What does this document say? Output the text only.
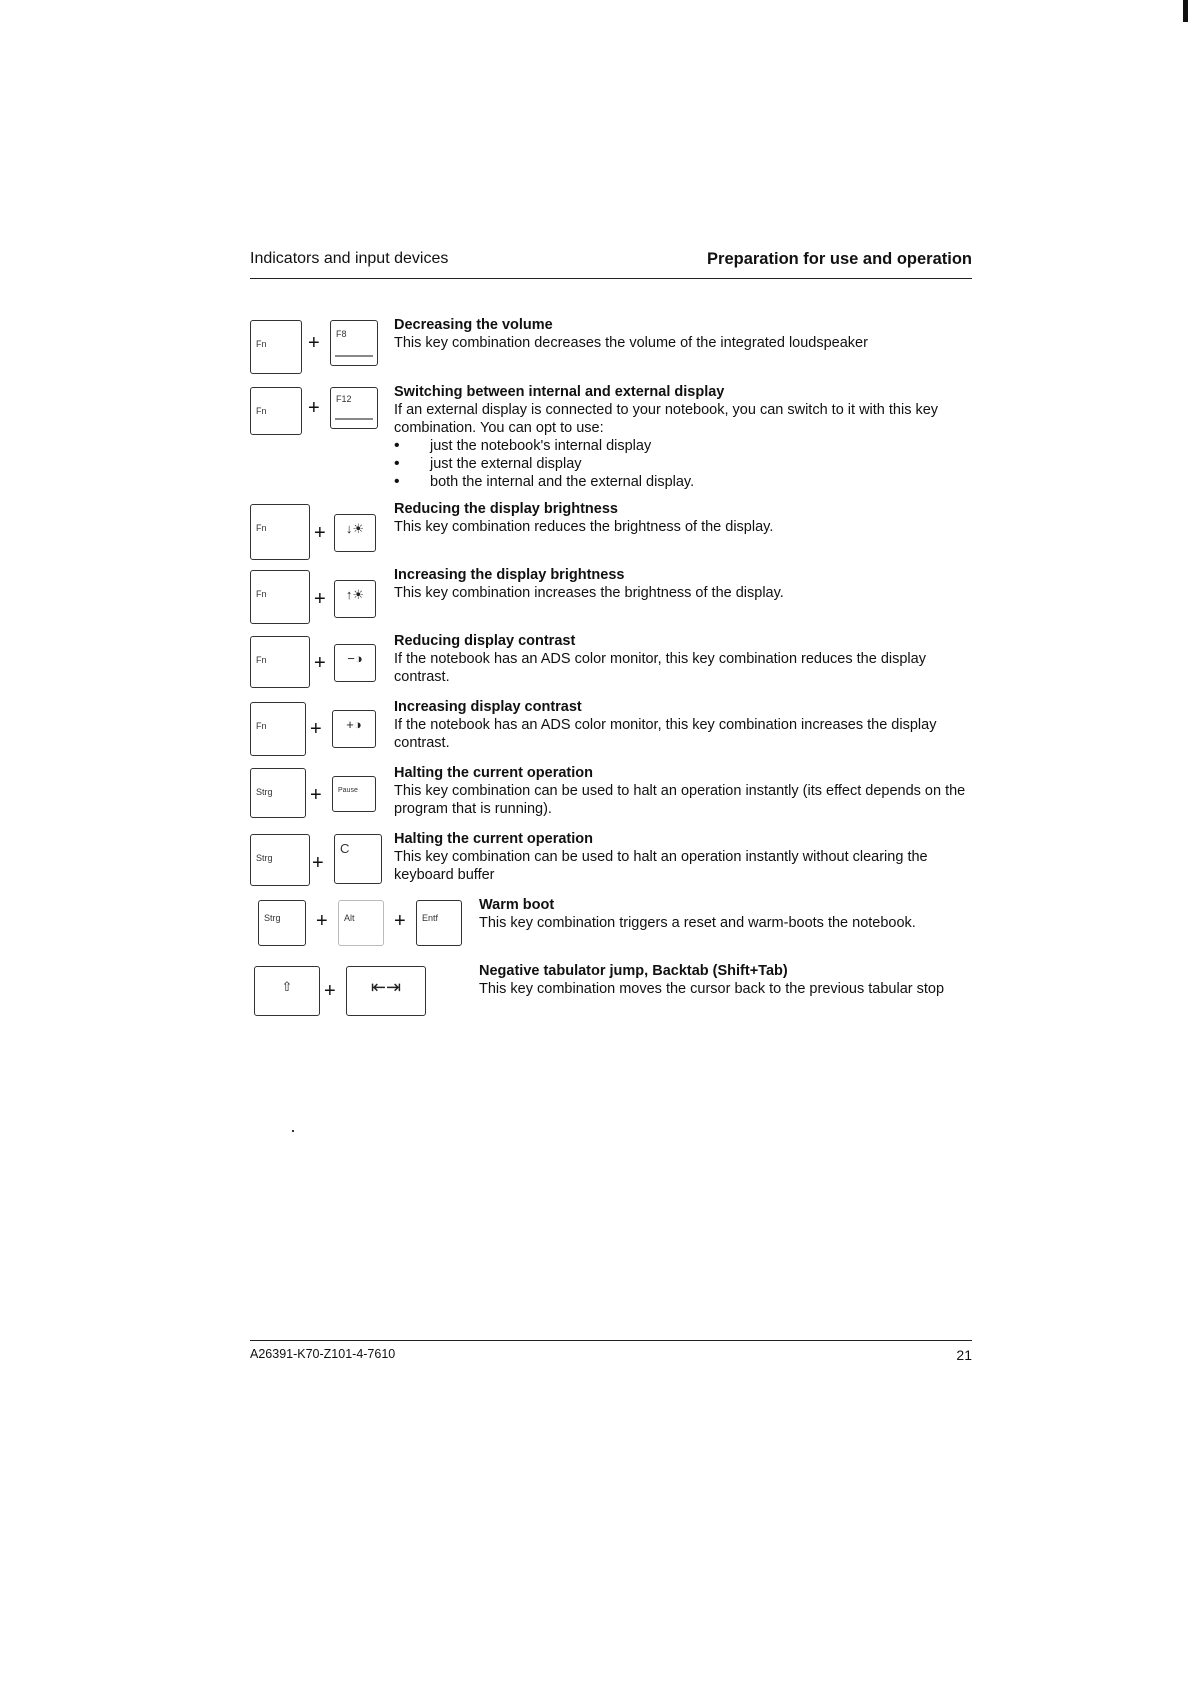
Indicators and input devices	Preparation for use and operation
Fn + F8
Decreasing the volume

This key combination decreases the volume of the integrated loudspeaker

Fn + F12	Switching between internal and external display

If an external display is connected to your notebook, you can switch to it with this key combination. You can opt to use:

• just the notebook's internal display
• just the external display
• both the internal and the external display.
Fn +	↓☀
Reducing the display brightness

This key combination reduces the brightness of the display.

Fn +	↑☀
Increasing the display brightness

This key combination increases the brightness of the display.

Fn +	−◑
Reducing display contrast

If the notebook has an ADS color monitor, this key combination reduces the display contrast.

Fn +	+◑
Increasing display contrast

If the notebook has an ADS color monitor, this key combination increases the display contrast.

Strg + Pause
Halting the current operation

This key combination can be used to halt an operation instantly (its effect depends on the program that is running).

Strg +
C
Halting the current operation

This key combination can be used to halt an operation instantly without clearing the keyboard buffer

Strg + Alt + Entf
Warm boot

This key combination triggers a reset and warm-boots the notebook.

⇧	+	⇤⇥
Negative tabulator jump, Backtab (Shift+Tab)

This key combination moves the cursor back to the previous tabular stop

A26391-K70-Z101-4-7610	21
